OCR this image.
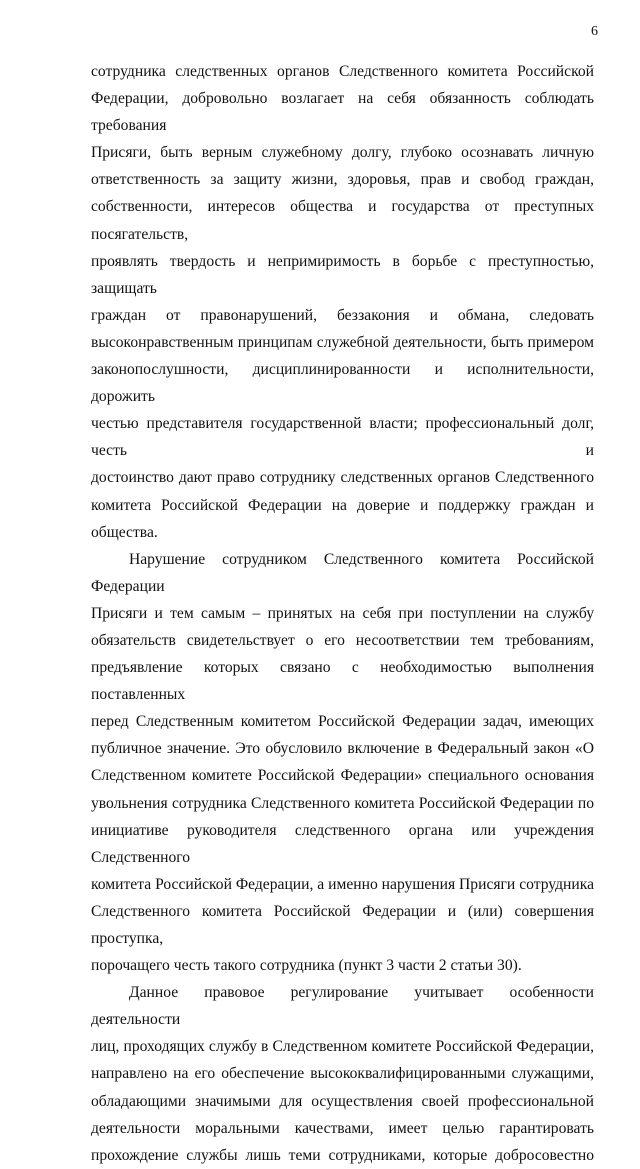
6

сотрудника следственных органов Следственного комитета Российской

Федерации, добровольно возлагает на себя обязанность соблюдать требования

Присяги, быть верным служебному долгу, глубоко осознавать личную

ответственность за защиту жизни, здоровья, прав и свобод граждан,

собственности, интересов общества и государства от преступных посягательств,

проявлять твердость и непримиримость в борьбе с преступностью, защищать

граждан от правонарушений, беззакония и обмана, следовать

высоконравственным принципам служебной деятельности, быть примером

законопослушности, дисциплинированности и исполнительности, дорожить

честью представителя государственной власти; профессиональный долг, честь и

достоинство дают право сотруднику следственных органов Следственного

комитета Российской Федерации на доверие и поддержку граждан и общества.

Нарушение сотрудником Следственного комитета Российской Федерации

Присяги и тем самым – принятых на себя при поступлении на службу

обязательств свидетельствует о его несоответствии тем требованиям,

предъявление которых связано с необходимостью выполнения поставленных

перед Следственным комитетом Российской Федерации задач, имеющих

публичное значение. Это обусловило включение в Федеральный закон «О

Следственном комитете Российской Федерации» специального основания

увольнения сотрудника Следственного комитета Российской Федерации по

инициативе руководителя следственного органа или учреждения Следственного

комитета Российской Федерации, а именно нарушения Присяги сотрудника

Следственного комитета Российской Федерации и (или) совершения проступка,

порочащего честь такого сотрудника (пункт 3 части 2 статьи 30).

Данное правовое регулирование учитывает особенности деятельности

лиц, проходящих службу в Следственном комитете Российской Федерации,

направлено на его обеспечение высококвалифицированными служащими,

обладающими значимыми для осуществления своей профессиональной

деятельности моральными качествами, имеет целью гарантировать

прохождение службы лишь теми сотрудниками, которые добросовестно
